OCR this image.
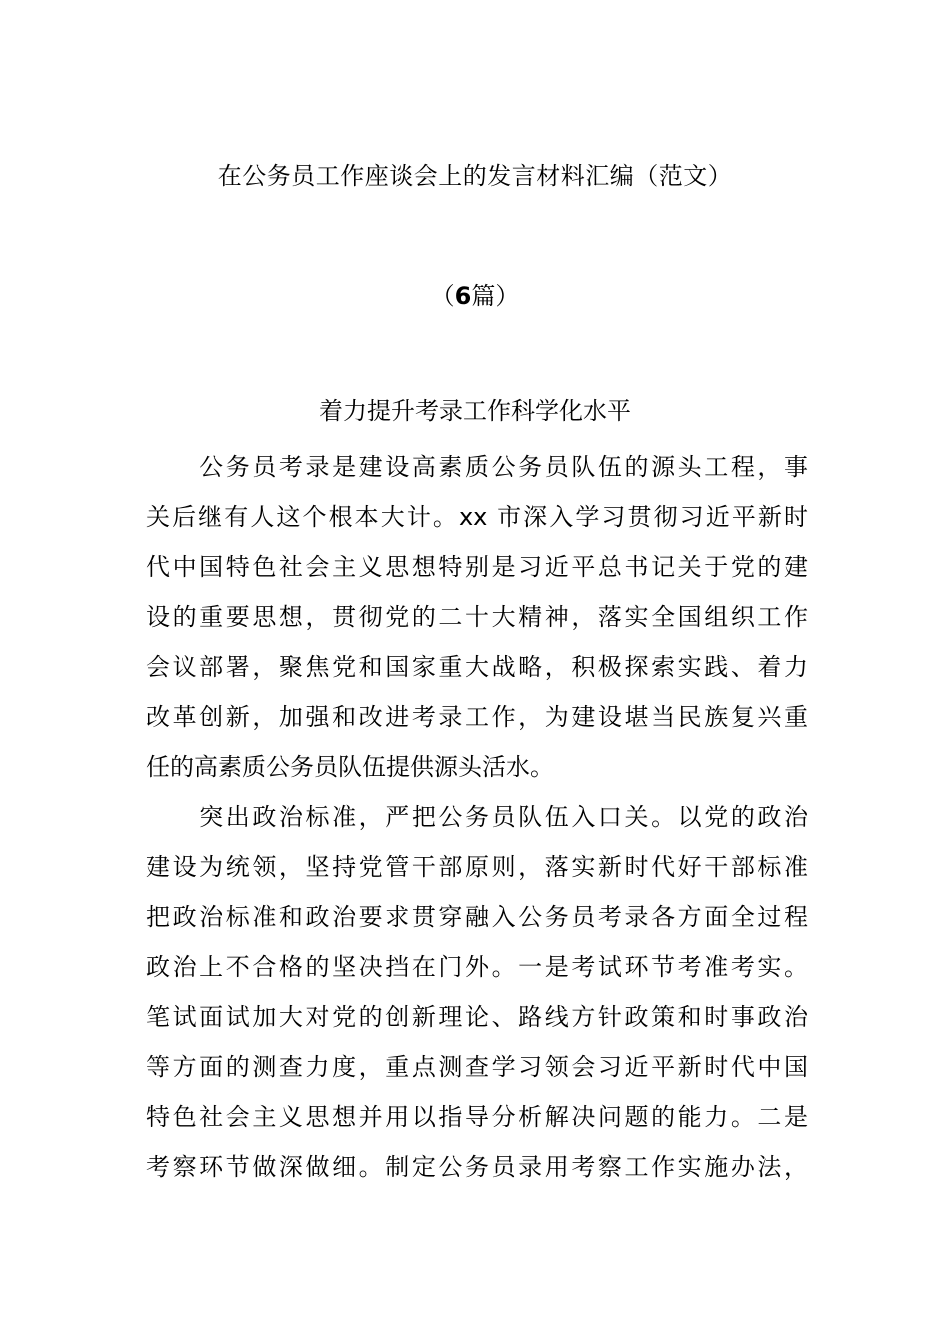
在公务员工作座谈会上的发言材料汇编（范文）
（6篇）
着力提升考录工作科学化水平
　　公务员考录是建设高素质公务员队伍的源头工程，事
关后继有人这个根本大计。xx 市深入学习贯彻习近平新时
代中国特色社会主义思想特别是习近平总书记关于党的建
设的重要思想，贯彻党的二十大精神，落实全国组织工作
会议部署，聚焦党和国家重大战略，积极探索实践、着力
改革创新，加强和改进考录工作，为建设堪当民族复兴重
任的高素质公务员队伍提供源头活水。
　　突出政治标准，严把公务员队伍入口关。以党的政治
建设为统领，坚持党管干部原则，落实新时代好干部标准
把政治标准和政治要求贯穿融入公务员考录各方面全过程
政治上不合格的坚决挡在门外。一是考试环节考准考实。
笔试面试加大对党的创新理论、路线方针政策和时事政治
等方面的测查力度，重点测查学习领会习近平新时代中国
特色社会主义思想并用以指导分析解决问题的能力。二是
考察环节做深做细。制定公务员录用考察工作实施办法，
